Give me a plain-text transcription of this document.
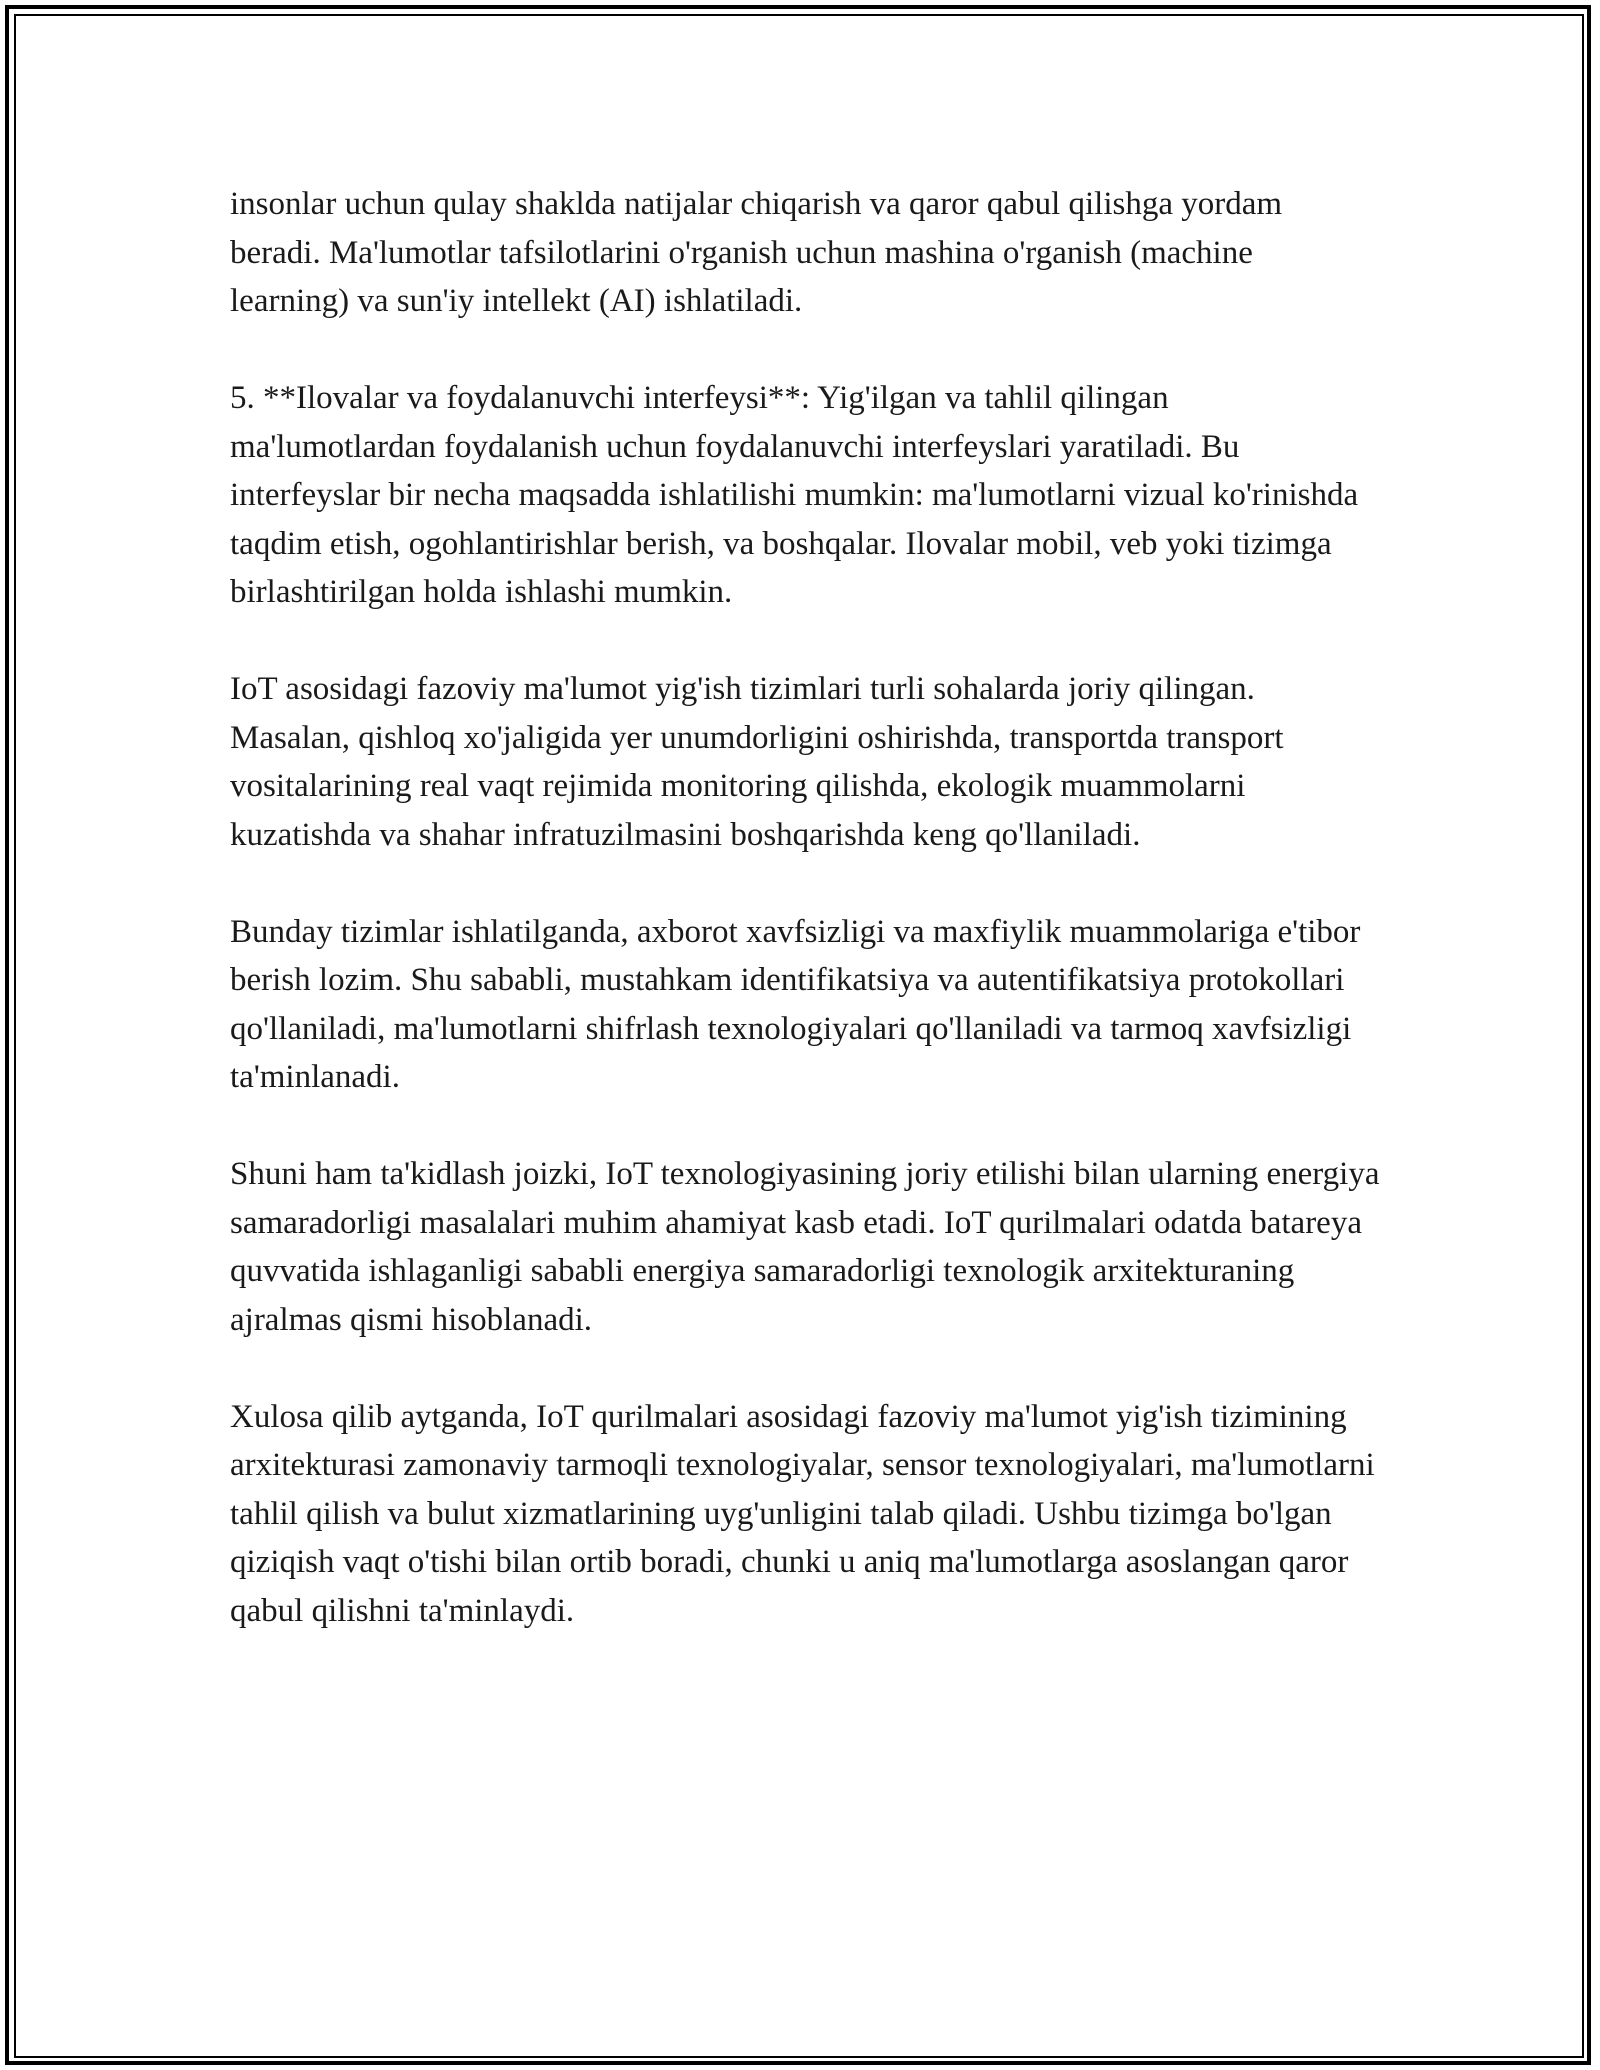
insonlar uchun qulay shaklda natijalar chiqarish va qaror qabul qilishga yordam beradi. Ma'lumotlar tafsilotlarini o'rganish uchun mashina o'rganish (machine learning) va sun'iy intellekt (AI) ishlatiladi.

5. **Ilovalar va foydalanuvchi interfeysi**: Yig'ilgan va tahlil qilingan ma'lumotlardan foydalanish uchun foydalanuvchi interfeyslari yaratiladi. Bu interfeyslar bir necha maqsadda ishlatilishi mumkin: ma'lumotlarni vizual ko'rinishda taqdim etish, ogohlantirishlar berish, va boshqalar. Ilovalar mobil, veb yoki tizimga birlashtirilgan holda ishlashi mumkin.

IoT asosidagi fazoviy ma'lumot yig'ish tizimlari turli sohalarda joriy qilingan. Masalan, qishloq xo'jaligida yer unumdorligini oshirishda, transportda transport vositalarining real vaqt rejimida monitoring qilishda, ekologik muammolarni kuzatishda va shahar infratuzilmasini boshqarishda keng qo'llaniladi.

Bunday tizimlar ishlatilganda, axborot xavfsizligi va maxfiylik muammolariga e'tibor berish lozim. Shu sababli, mustahkam identifikatsiya va autentifikatsiya protokollari qo'llaniladi, ma'lumotlarni shifrlash texnologiyalari qo'llaniladi va tarmoq xavfsizligi ta'minlanadi.

Shuni ham ta'kidlash joizki, IoT texnologiyasining joriy etilishi bilan ularning energiya samaradorligi masalalari muhim ahamiyat kasb etadi. IoT qurilmalari odatda batareya quvvatida ishlaganligi sababli energiya samaradorligi texnologik arxitekturaning ajralmas qismi hisoblanadi.

Xulosa qilib aytganda, IoT qurilmalari asosidagi fazoviy ma'lumot yig'ish tizimining arxitekturasi zamonaviy tarmoqli texnologiyalar, sensor texnologiyalari, ma'lumotlarni tahlil qilish va bulut xizmatlarining uyg'unligini talab qiladi. Ushbu tizimga bo'lgan qiziqish vaqt o'tishi bilan ortib boradi, chunki u aniq ma'lumotlarga asoslangan qaror qabul qilishni ta'minlaydi.
